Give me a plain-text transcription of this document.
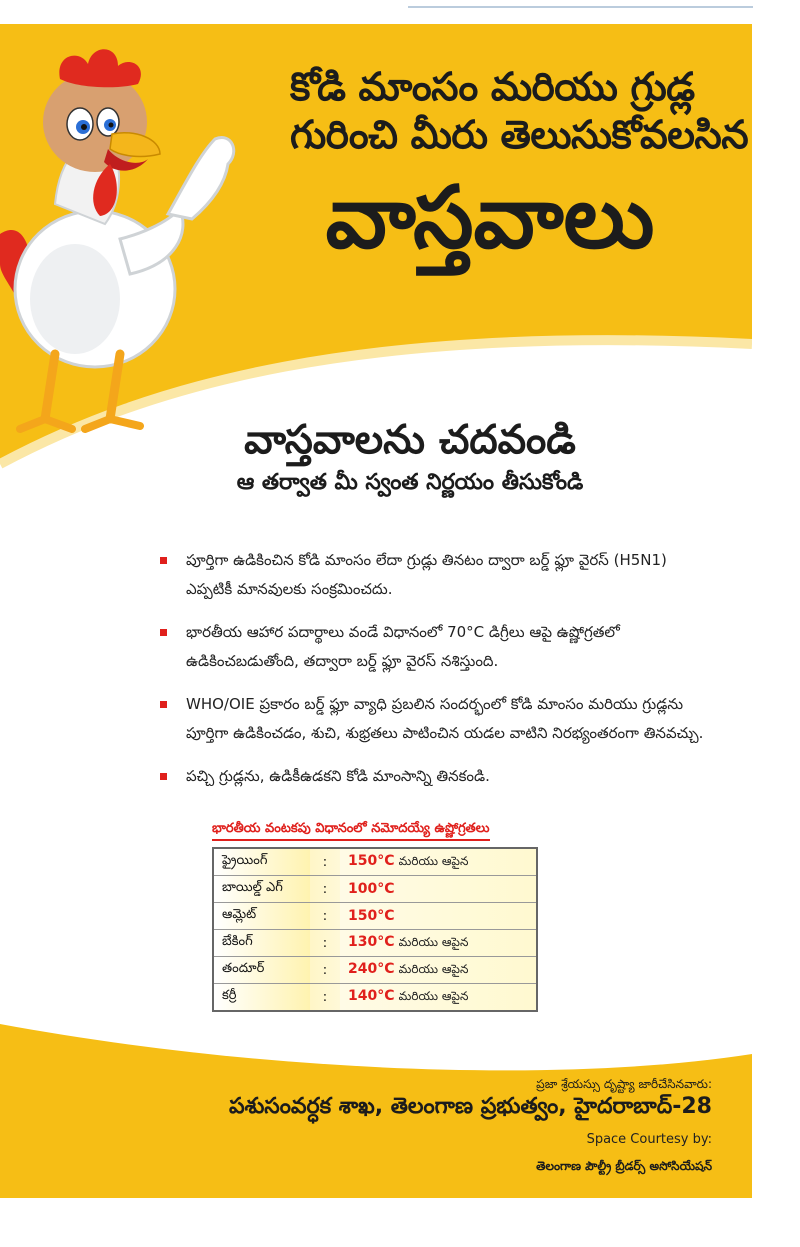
కోడి మాంసం మరియు గ్రుడ్ల
గురించి మీరు తెలుసుకోవలసిన
వాస్తవాలు
వాస్తవాలను చదవండి
ఆ తర్వాత మీ స్వంత నిర్ణయం తీసుకోండి
పూర్తిగా ఉడికించిన కోడి మాంసం లేదా గ్రుడ్లు తినటం ద్వారా బర్డ్ ఫ్లూ వైరస్ (H5N1) ఎప్పటికీ మానవులకు సంక్రమించదు.
భారతీయ ఆహార పదార్థాలు వండే విధానంలో 70°C డిగ్రీలు ఆపై ఉష్ణోగ్రతలో ఉడికించబడుతోంది, తద్వారా బర్డ్ ఫ్లూ వైరస్ నశిస్తుంది.
WHO/OIE ప్రకారం బర్డ్ ఫ్లూ వ్యాధి ప్రబలిన సందర్భంలో కోడి మాంసం మరియు గ్రుడ్లను పూర్తిగా ఉడికించడం, శుచి, శుభ్రతలు పాటించిన యడల వాటిని నిరభ్యంతరంగా తినవచ్చు.
పచ్చి గ్రుడ్లను, ఉడికీఉడకని కోడి మాంసాన్ని తినకండి.
భారతీయ వంటకపు విధానంలో నమోదయ్యే ఉష్ణోగ్రతలు
ఫ్రైయింగ్	:	150°C మరియు ఆపైన
బాయిల్డ్ ఎగ్	:	100°C
ఆమ్లెట్	:	150°C
బేకింగ్	:	130°C మరియు ఆపైన
తందూర్	:	240°C మరియు ఆపైన
కర్రీ	:	140°C మరియు ఆపైన
ప్రజా శ్రేయస్సు దృష్ట్యా జారీచేసినవారు:
పశుసంవర్ధక శాఖ, తెలంగాణ ప్రభుత్వం, హైదరాబాద్-28
Space Courtesy by:
తెలంగాణ పౌల్ట్రీ బ్రీడర్స్ అసోసియేషన్
